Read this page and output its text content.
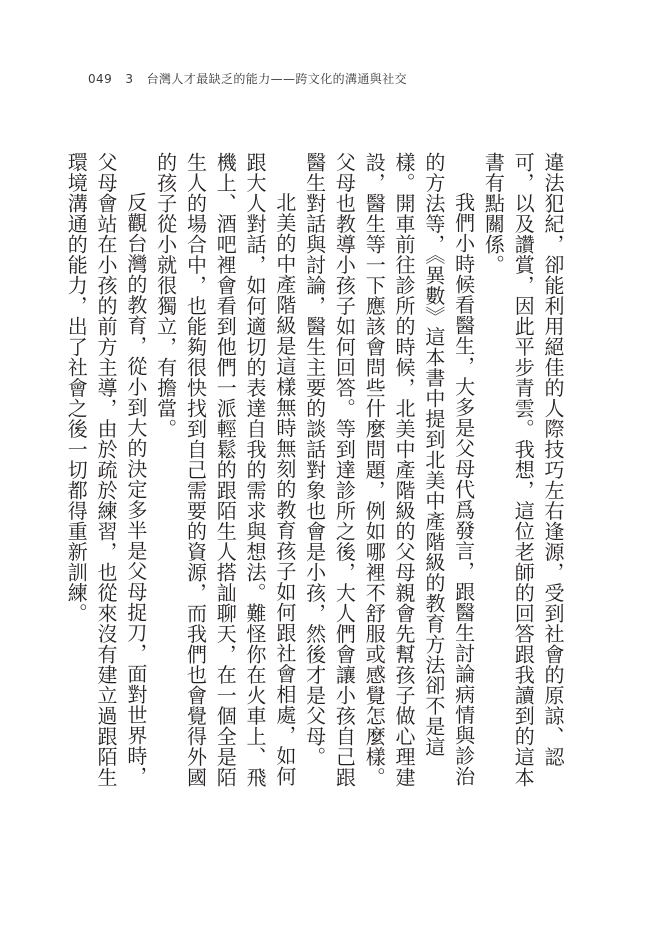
049 3 台灣人才最缺乏的能力——跨文化的溝通與社交

違法犯紀，卻能利用絕佳的人際技巧左右逢源，受到社會的原諒、認可，以及讚賞，因此平步青雲。我想，這位老師的回答跟我讀到的這本書有點關係。

我們小時候看醫生，大多是父母代爲發言，跟醫生討論病情與診治的方法等，《異數》這本書中提到北美中產階級的教育方法卻不是這樣。開車前往診所的時候，北美中產階級的父母親會先幫孩子做心理建設，醫生等一下應該會問些什麼問題，例如哪裡不舒服或感覺怎麼樣。父母也教導小孩子如何回答。等到達診所之後，大人們會讓小孩自己跟醫生對話與討論，醫生主要的談話對象也會是小孩，然後才是父母。

北美的中產階級是這樣無時無刻的教育孩子如何跟社會相處，如何跟大人對話，如何適切的表達自我的需求與想法。難怪你在火車上、飛機上、酒吧裡會看到他們一派輕鬆的跟陌生人搭訕聊天，在一個全是陌生人的場合中，也能夠很快找到自己需要的資源，而我們也會覺得外國的孩子從小就很獨立，有擔當。

反觀台灣的教育，從小到大的決定多半是父母捉刀，面對世界時，父母會站在小孩的前方主導，由於疏於練習，也從來沒有建立過跟陌生環境溝通的能力，出了社會之後一切都得重新訓練。
